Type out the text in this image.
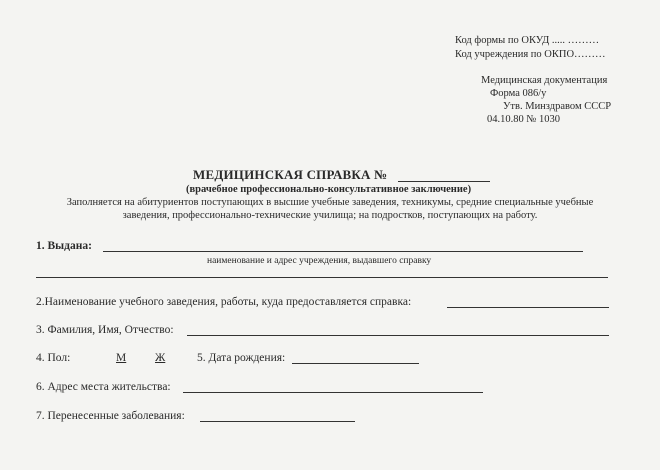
Код формы по ОКУД ..... ………
Код учреждения по ОКПО………
Медицинская документация
Форма 086/у
Утв. Минздравом СССР
04.10.80 № 1030
МЕДИЦИНСКАЯ СПРАВКА №
(врачебное профессионально-консультативное заключение)
Заполняется на абитуриентов поступающих в высшие учебные заведения, техникумы, средние специальные учебные
заведения, профессионально-технические училища; на подростков, поступающих на работу.
1. Выдана:
наименование и адрес учреждения, выдавшего справку
2.Наименование учебного заведения, работы, куда предоставляется справка:
3. Фамилия, Имя, Отчество:
4. Пол:	М	Ж	5. Дата рождения:
6. Адрес места жительства:
7. Перенесенные заболевания:
